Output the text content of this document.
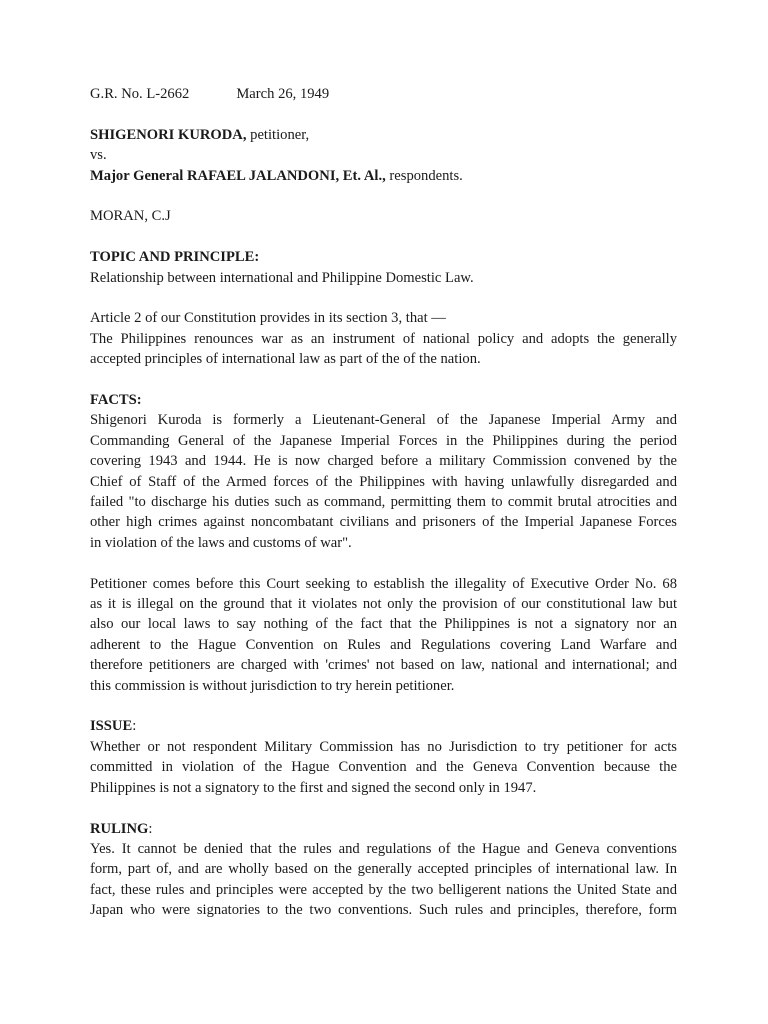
G.R. No. L-2662	March 26, 1949
SHIGENORI KURODA, petitioner,
vs.
Major General RAFAEL JALANDONI, Et. Al., respondents.
MORAN, C.J
TOPIC AND PRINCIPLE:
Relationship between international and Philippine Domestic Law.
Article 2 of our Constitution provides in its section 3, that —
The Philippines renounces war as an instrument of national policy and adopts the generally
accepted principles of international law as part of the of the nation.
FACTS:
Shigenori Kuroda is formerly a Lieutenant-General of the Japanese Imperial Army and
Commanding General of the Japanese Imperial Forces in the Philippines during the period
covering 1943 and 1944. He is now charged before a military Commission convened by the
Chief of Staff of the Armed forces of the Philippines with having unlawfully disregarded and
failed "to discharge his duties such as command, permitting them to commit brutal atrocities and
other high crimes against noncombatant civilians and prisoners of the Imperial Japanese Forces
in violation of the laws and customs of war".
Petitioner comes before this Court seeking to establish the illegality of Executive Order No. 68
as it is illegal on the ground that it violates not only the provision of our constitutional law but
also our local laws to say nothing of the fact that the Philippines is not a signatory nor an
adherent to the Hague Convention on Rules and Regulations covering Land Warfare and
therefore petitioners are charged with 'crimes' not based on law, national and international; and
this commission is without jurisdiction to try herein petitioner.
ISSUE:
Whether or not respondent Military Commission has no Jurisdiction to try petitioner for acts
committed in violation of the Hague Convention and the Geneva Convention because the
Philippines is not a signatory to the first and signed the second only in 1947.
RULING:
Yes. It cannot be denied that the rules and regulations of the Hague and Geneva conventions
form, part of, and are wholly based on the generally accepted principles of international law. In
fact, these rules and principles were accepted by the two belligerent nations the United State and
Japan who were signatories to the two conventions. Such rules and principles, therefore, form
